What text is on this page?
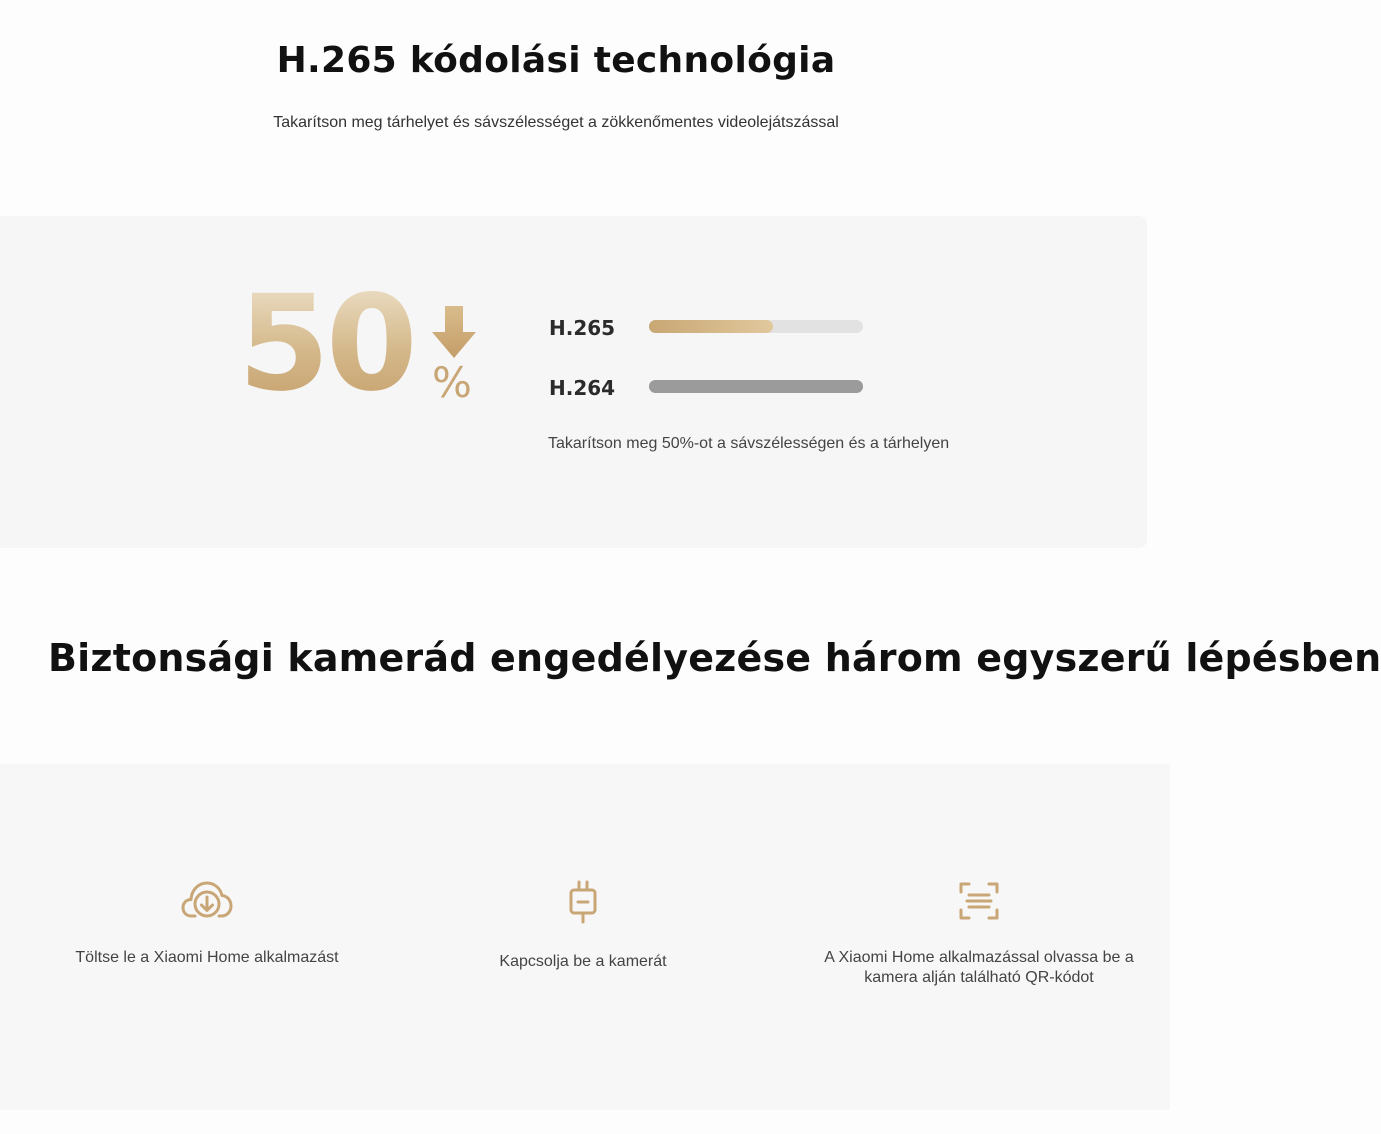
H.265 kódolási technológia

Takarítson meg tárhelyet és sávszélességet a zökkenőmentes videolejátszással

50 %
H.265
H.264

Takarítson meg 50%-ot a sávszélességen és a tárhelyen

Biztonsági kamerád engedélyezése három egyszerű lépésben

Töltse le a Xiaomi Home alkalmazást	Kapcsolja be a kamerát	A Xiaomi Home alkalmazással olvassa be a kamera alján található QR-kódot
